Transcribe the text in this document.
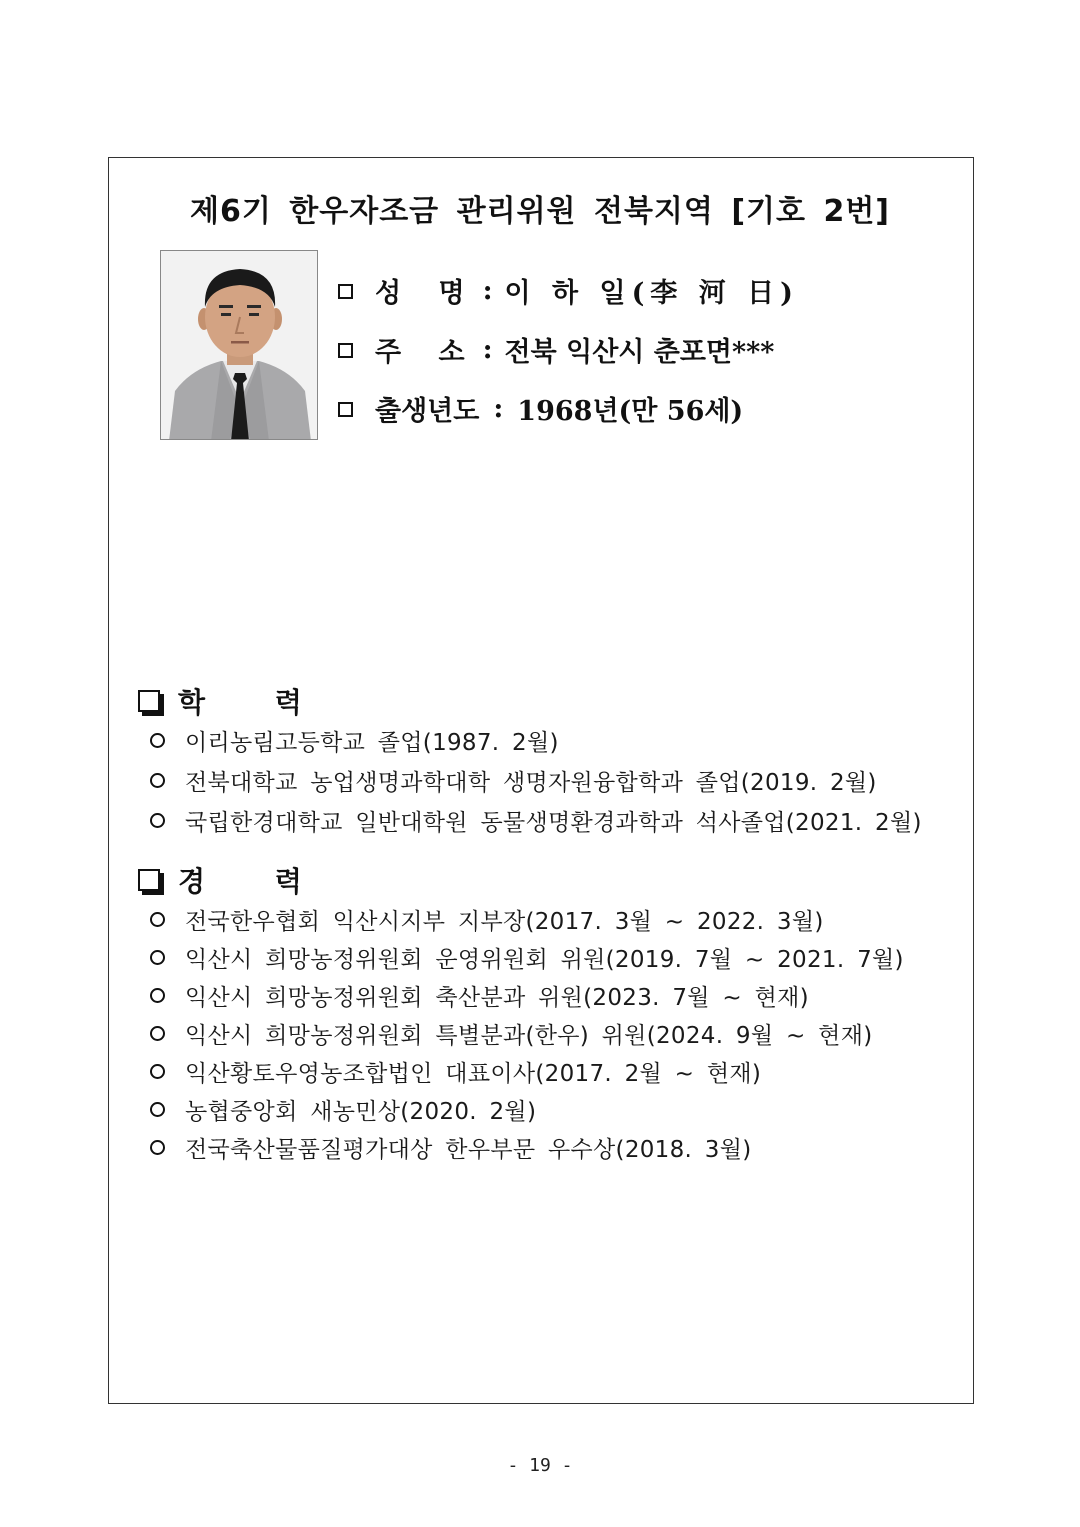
제6기 한우자조금 관리위원 전북지역 [기호 2번]
성 명 : 이 하 일(李 河 日)
주 소 : 전북 익산시 춘포면***
출생년도 : 1968년(만 56세)
학 력
이리농림고등학교 졸업(1987. 2월)
전북대학교 농업생명과학대학 생명자원융합학과 졸업(2019. 2월)
국립한경대학교 일반대학원 동물생명환경과학과 석사졸업(2021. 2월)
경 력
전국한우협회 익산시지부 지부장(2017. 3월 ~ 2022. 3월)
익산시 희망농정위원회 운영위원회 위원(2019. 7월 ~ 2021. 7월)
익산시 희망농정위원회 축산분과 위원(2023. 7월 ~ 현재)
익산시 희망농정위원회 특별분과(한우) 위원(2024. 9월 ~ 현재)
익산황토우영농조합법인 대표이사(2017. 2월 ~ 현재)
농협중앙회 새농민상(2020. 2월)
전국축산물품질평가대상 한우부문 우수상(2018. 3월)
- 19 -
